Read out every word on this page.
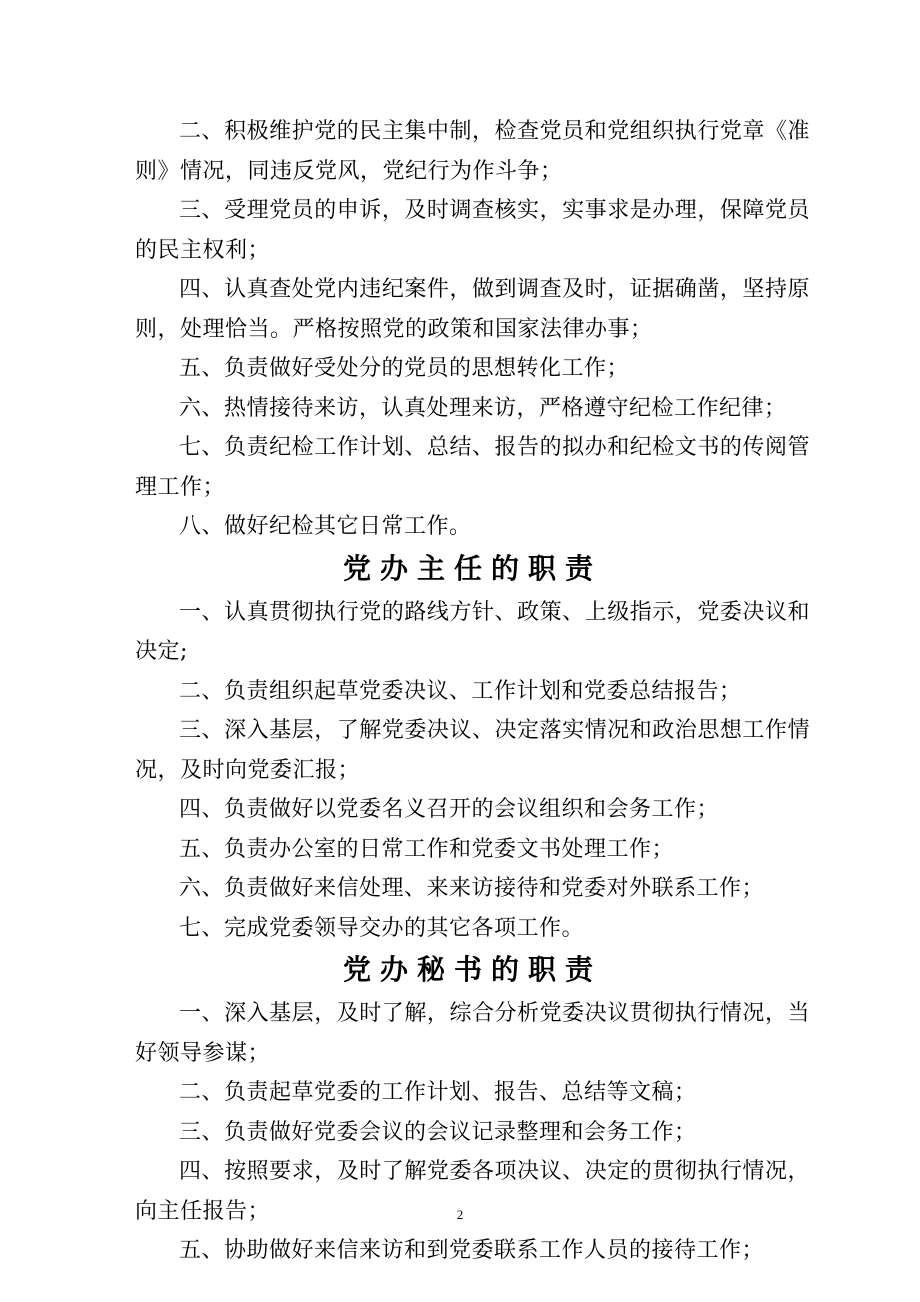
二、积极维护党的民主集中制，检查党员和党组织执行党章《准则》情况，同违反党风，党纪行为作斗争；

三、受理党员的申诉，及时调查核实，实事求是办理，保障党员的民主权利；

四、认真查处党内违纪案件，做到调查及时，证据确凿，坚持原则，处理恰当。严格按照党的政策和国家法律办事；

五、负责做好受处分的党员的思想转化工作；

六、热情接待来访，认真处理来访，严格遵守纪检工作纪律；

七、负责纪检工作计划、总结、报告的拟办和纪检文书的传阅管理工作；

八、做好纪检其它日常工作。

党办主任的职责

一、认真贯彻执行党的路线方针、政策、上级指示，党委决议和决定;

二、负责组织起草党委决议、工作计划和党委总结报告；

三、深入基层，了解党委决议、决定落实情况和政治思想工作情况，及时向党委汇报；

四、负责做好以党委名义召开的会议组织和会务工作；

五、负责办公室的日常工作和党委文书处理工作；

六、负责做好来信处理、来来访接待和党委对外联系工作；

七、完成党委领导交办的其它各项工作。

党办秘书的职责

一、深入基层，及时了解，综合分析党委决议贯彻执行情况，当好领导参谋；

二、负责起草党委的工作计划、报告、总结等文稿；

三、负责做好党委会议的会议记录整理和会务工作；

四、按照要求，及时了解党委各项决议、决定的贯彻执行情况，向主任报告；

五、协助做好来信来访和到党委联系工作人员的接待工作；

2
